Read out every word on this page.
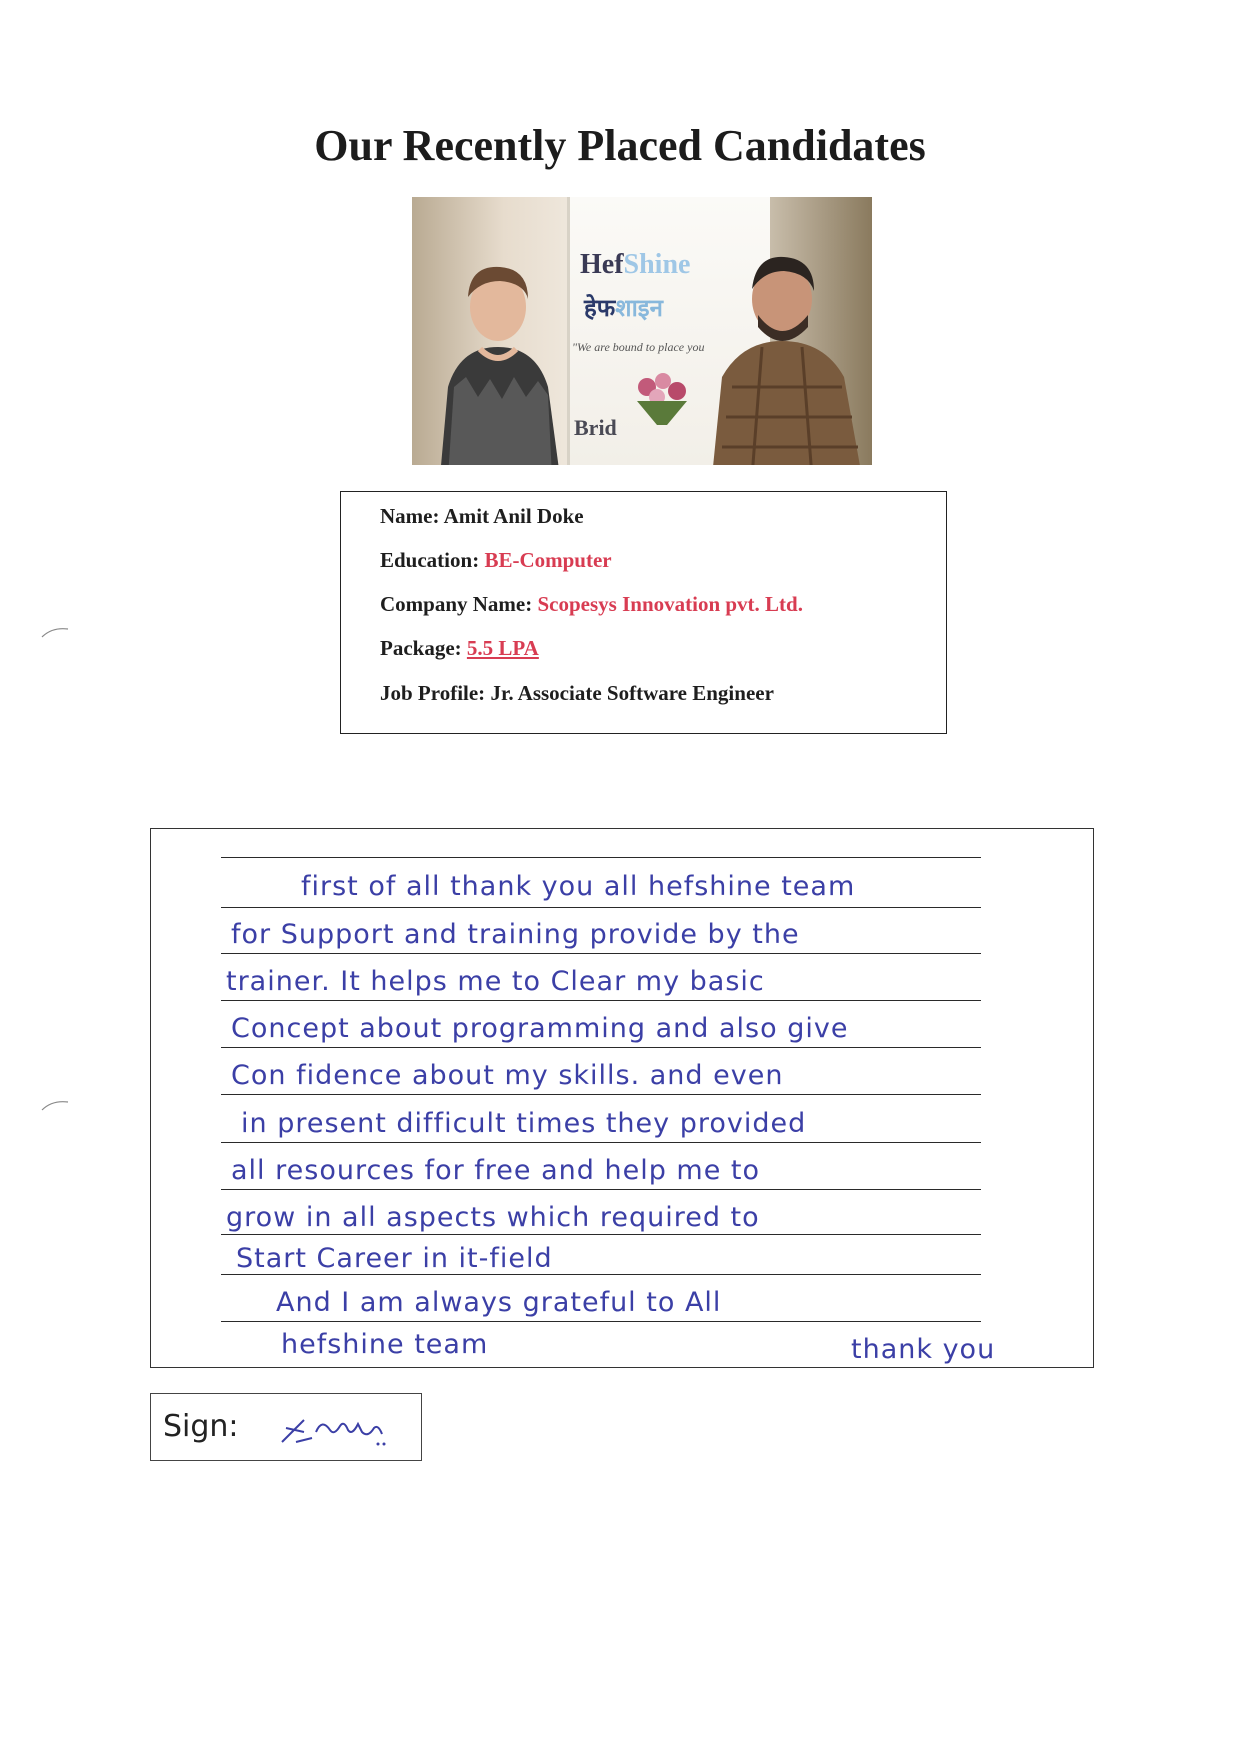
Our Recently Placed Candidates
HefShine
हेफशाइन
"We are bound to place you
Brid
Name: Amit Anil Doke
Education: BE-Computer
Company Name: Scopesys Innovation pvt. Ltd.
Package: 5.5 LPA
Job Profile: Jr. Associate Software Engineer
first of all thank you all hefshine team
for Support and training provide by the
trainer. It helps me to Clear my basic
Concept about programming and also give
Con fidence about my skills. and even
in present difficult times they provided
all resources for free and help me to
grow in all aspects which required to
Start Career in it-field
And I am always grateful to All
hefshine team	thank you
Sign:
